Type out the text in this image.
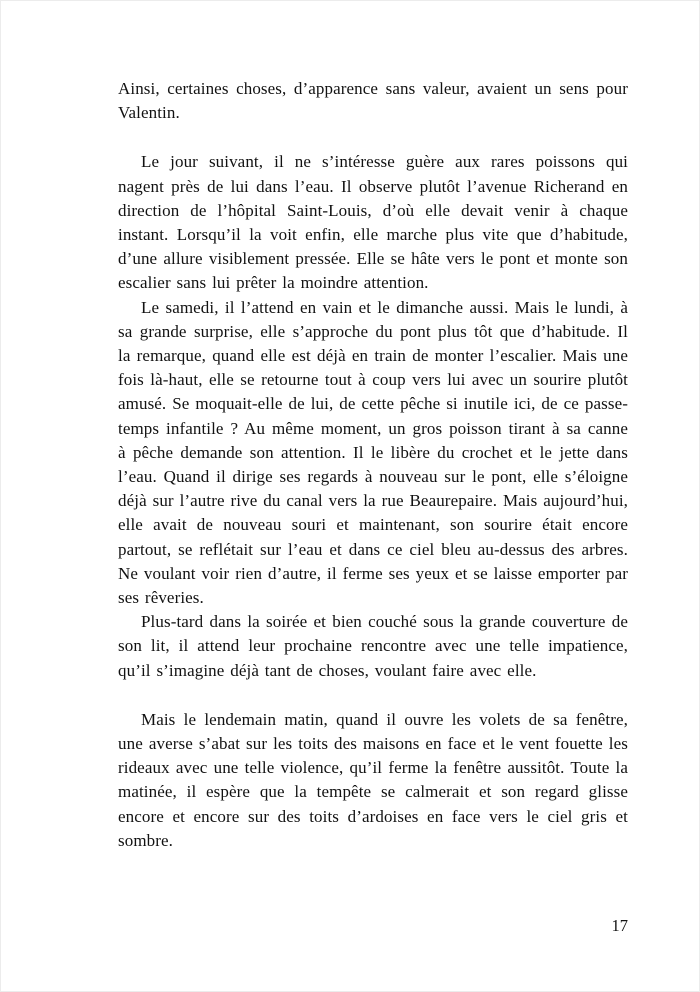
Ainsi, certaines choses, d’apparence sans valeur, avaient un sens pour Valentin.

Le jour suivant, il ne s’intéresse guère aux rares poissons qui nagent près de lui dans l’eau. Il observe plutôt l’avenue Richerand en direction de l’hôpital Saint-Louis, d’où elle devait venir à chaque instant. Lorsqu’il la voit enfin, elle marche plus vite que d’habitude, d’une allure visiblement pressée. Elle se hâte vers le pont et monte son escalier sans lui prêter la moindre attention.

Le samedi, il l’attend en vain et le dimanche aussi. Mais le lundi, à sa grande surprise, elle s’approche du pont plus tôt que d’habitude. Il la remarque, quand elle est déjà en train de monter l’escalier. Mais une fois là-haut, elle se retourne tout à coup vers lui avec un sourire plutôt amusé. Se moquait-elle de lui, de cette pêche si inutile ici, de ce passe-temps infantile ? Au même moment, un gros poisson tirant à sa canne à pêche demande son attention. Il le libère du crochet et le jette dans l’eau. Quand il dirige ses regards à nouveau sur le pont, elle s’éloigne déjà sur l’autre rive du canal vers la rue Beaurepaire. Mais aujourd’hui, elle avait de nouveau souri et maintenant, son sourire était encore partout, se reflétait sur l’eau et dans ce ciel bleu au-dessus des arbres. Ne voulant voir rien d’autre, il ferme ses yeux et se laisse emporter par ses rêveries.

Plus-tard dans la soirée et bien couché sous la grande couverture de son lit, il attend leur prochaine rencontre avec une telle impatience, qu’il s’imagine déjà tant de choses, voulant faire avec elle.

Mais le lendemain matin, quand il ouvre les volets de sa fenêtre, une averse s’abat sur les toits des maisons en face et le vent fouette les rideaux avec une telle violence, qu’il ferme la fenêtre aussitôt. Toute la matinée, il espère que la tempête se calmerait et son regard glisse encore et encore sur des toits d’ardoises en face vers le ciel gris et sombre.

17
